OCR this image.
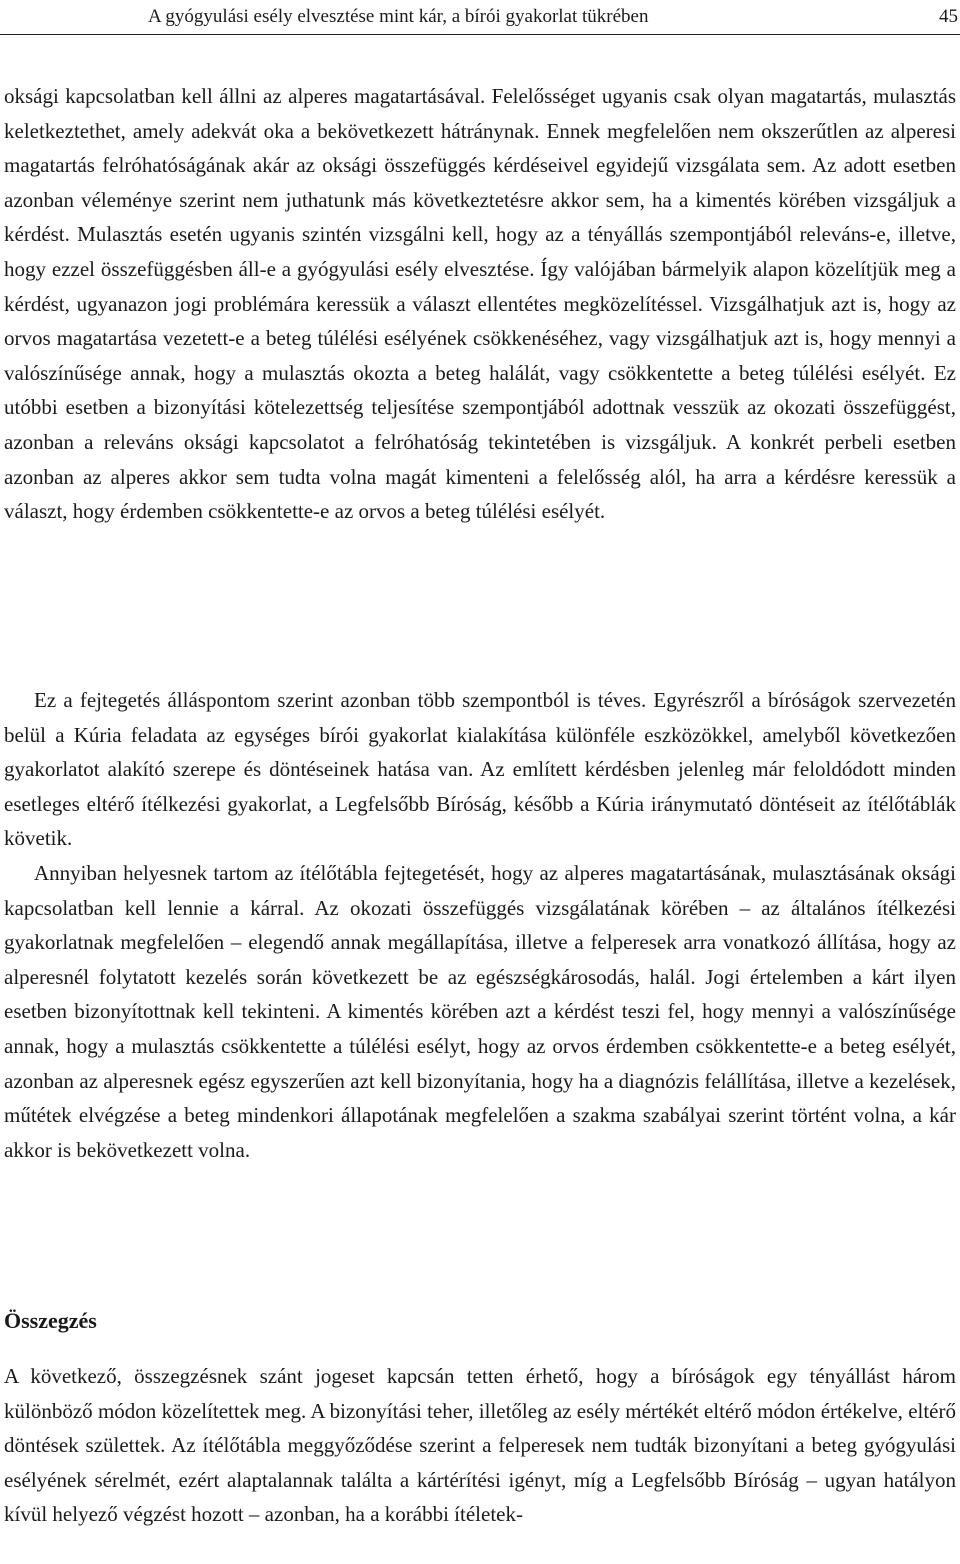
A gyógyulási esély elvesztése mint kár, a bírói gyakorlat tükrében	45

oksági kapcsolatban kell állni az alperes magatartásával. Felelősséget ugyanis csak olyan magatartás, mulasztás keletkeztethet, amely adekvát oka a bekövetkezett hátránynak. Ennek megfelelően nem okszerűtlen az alperesi magatartás felróhatóságának akár az oksági összefüggés kérdéseivel egyidejű vizsgálata sem. Az adott esetben azonban véleménye szerint nem juthatunk más következtetésre akkor sem, ha a kimentés körében vizsgáljuk a kérdést. Mulasztás esetén ugyanis szintén vizsgálni kell, hogy az a tényállás szempontjából releváns-e, illetve, hogy ezzel összefüggésben áll-e a gyógyulási esély elvesztése. Így valójában bármelyik alapon közelítjük meg a kérdést, ugyanazon jogi problémára keressük a választ ellentétes megközelítéssel. Vizsgálhatjuk azt is, hogy az orvos magatartása vezetett-e a beteg túlélési esélyének csökkenéséhez, vagy vizsgálhatjuk azt is, hogy mennyi a valószínűsége annak, hogy a mulasztás okozta a beteg halálát, vagy csökkentette a beteg túlélési esélyét. Ez utóbbi esetben a bizonyítási kötelezettség teljesítése szempontjából adottnak vesszük az okozati összefüggést, azonban a releváns oksági kapcsolatot a felróhatóság tekintetében is vizsgáljuk. A konkrét perbeli esetben azonban az alperes akkor sem tudta volna magát kimenteni a felelősség alól, ha arra a kérdésre keressük a választ, hogy érdemben csökkentette-e az orvos a beteg túlélési esélyét.

Ez a fejtegetés álláspontom szerint azonban több szempontból is téves. Egyrészről a bíróságok szervezetén belül a Kúria feladata az egységes bírói gyakorlat kialakítása különféle eszközökkel, amelyből következően gyakorlatot alakító szerepe és döntéseinek hatása van. Az említett kérdésben jelenleg már feloldódott minden esetleges eltérő ítélkezési gyakorlat, a Legfelsőbb Bíróság, később a Kúria iránymutató döntéseit az ítélőtáblák követik.

Annyiban helyesnek tartom az ítélőtábla fejtegetését, hogy az alperes magatartásának, mulasztásának oksági kapcsolatban kell lennie a kárral. Az okozati összefüggés vizsgálatának körében – az általános ítélkezési gyakorlatnak megfelelően – elegendő annak megállapítása, illetve a felperesek arra vonatkozó állítása, hogy az alperesnél folytatott kezelés során következett be az egészségkárosodás, halál. Jogi értelemben a kárt ilyen esetben bizonyítottnak kell tekinteni. A kimentés körében azt a kérdést teszi fel, hogy mennyi a valószínűsége annak, hogy a mulasztás csökkentette a túlélési esélyt, hogy az orvos érdemben csökkentette-e a beteg esélyét, azonban az alperesnek egész egyszerűen azt kell bizonyítania, hogy ha a diagnózis felállítása, illetve a kezelések, műtétek elvégzése a beteg mindenkori állapotának megfelelően a szakma szabályai szerint történt volna, a kár akkor is bekövetkezett volna.

Összegzés

A következő, összegzésnek szánt jogeset kapcsán tetten érhető, hogy a bíróságok egy tényállást három különböző módon közelítettek meg. A bizonyítási teher, illetőleg az esély mértékét eltérő módon értékelve, eltérő döntések születtek. Az ítélőtábla meggyőződése szerint a felperesek nem tudták bizonyítani a beteg gyógyulási esélyének sérelmét, ezért alaptalannak találta a kártérítési igényt, míg a Legfelsőbb Bíróság – ugyan hatályon kívül helyező végzést hozott – azonban, ha a korábbi ítéletek-
